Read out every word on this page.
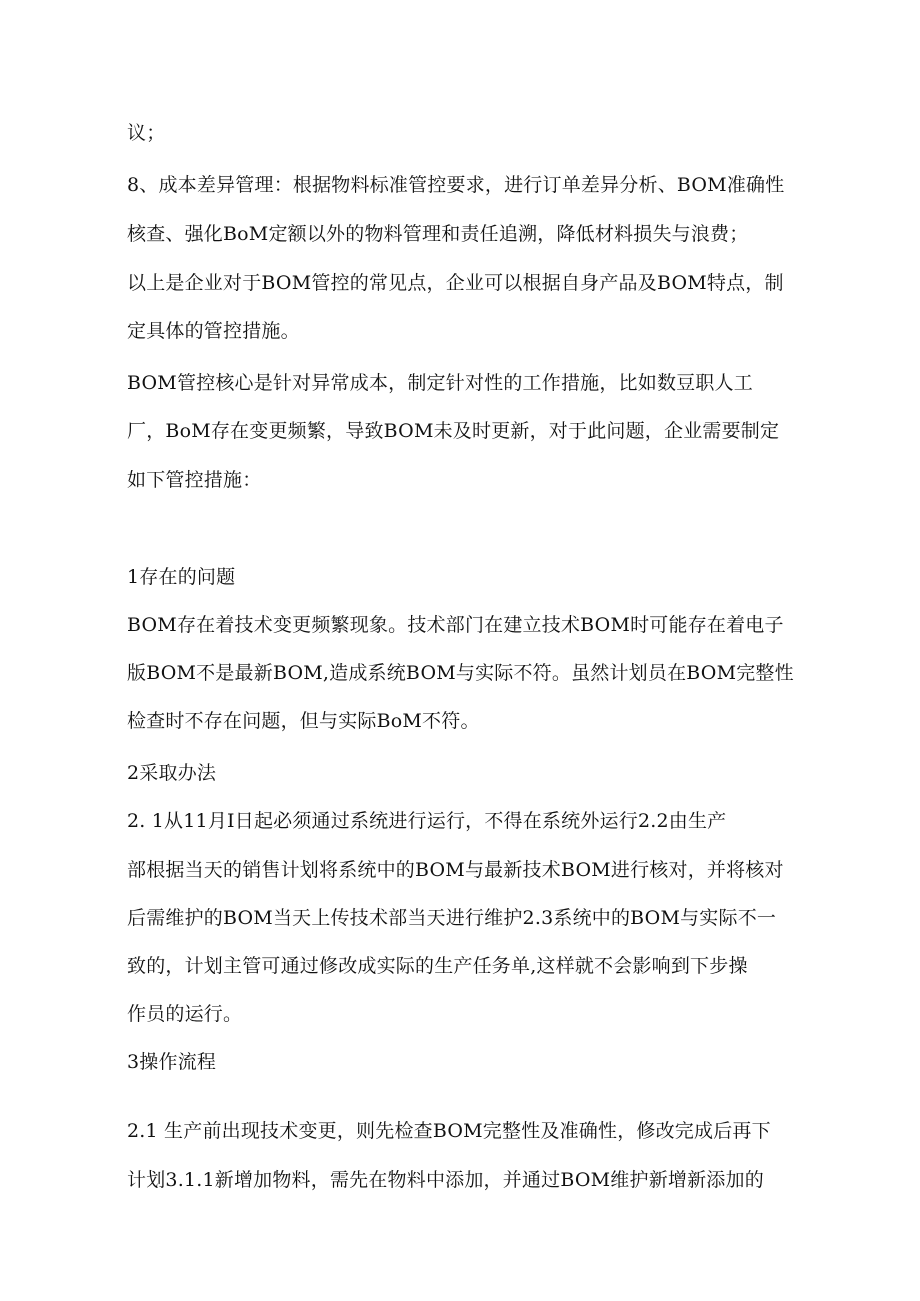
议；
8、成本差异管理：根据物料标准管控要求，进行订单差异分析、BOM准确性
核查、强化BoM定额以外的物料管理和责任追溯，降低材料损失与浪费；
以上是企业对于BOM管控的常见点，企业可以根据自身产品及BOM特点，制
定具体的管控措施。
BOM管控核心是针对异常成本，制定针对性的工作措施，比如数豆职人工
厂，BoM存在变更频繁，导致BOM未及时更新，对于此问题，企业需要制定
如下管控措施：
1存在的问题
BOM存在着技术变更频繁现象。技术部门在建立技术BOM时可能存在着电子
版BOM不是最新BOM,造成系统BOM与实际不符。虽然计划员在BOM完整性
检查时不存在问题，但与实际BoM不符。
2采取办法
2. 1从11月I日起必须通过系统进行运行，不得在系统外运行2.2由生产
部根据当天的销售计划将系统中的BOM与最新技术BOM进行核对，并将核对
后需维护的BOM当天上传技术部当天进行维护2.3系统中的BOM与实际不一
致的，计划主管可通过修改成实际的生产任务单,这样就不会影响到下步操
作员的运行。
3操作流程
2.1 生产前出现技术变更，则先检查BOM完整性及准确性，修改完成后再下
计划3.1.1新增加物料，需先在物料中添加，并通过BOM维护新增新添加的
